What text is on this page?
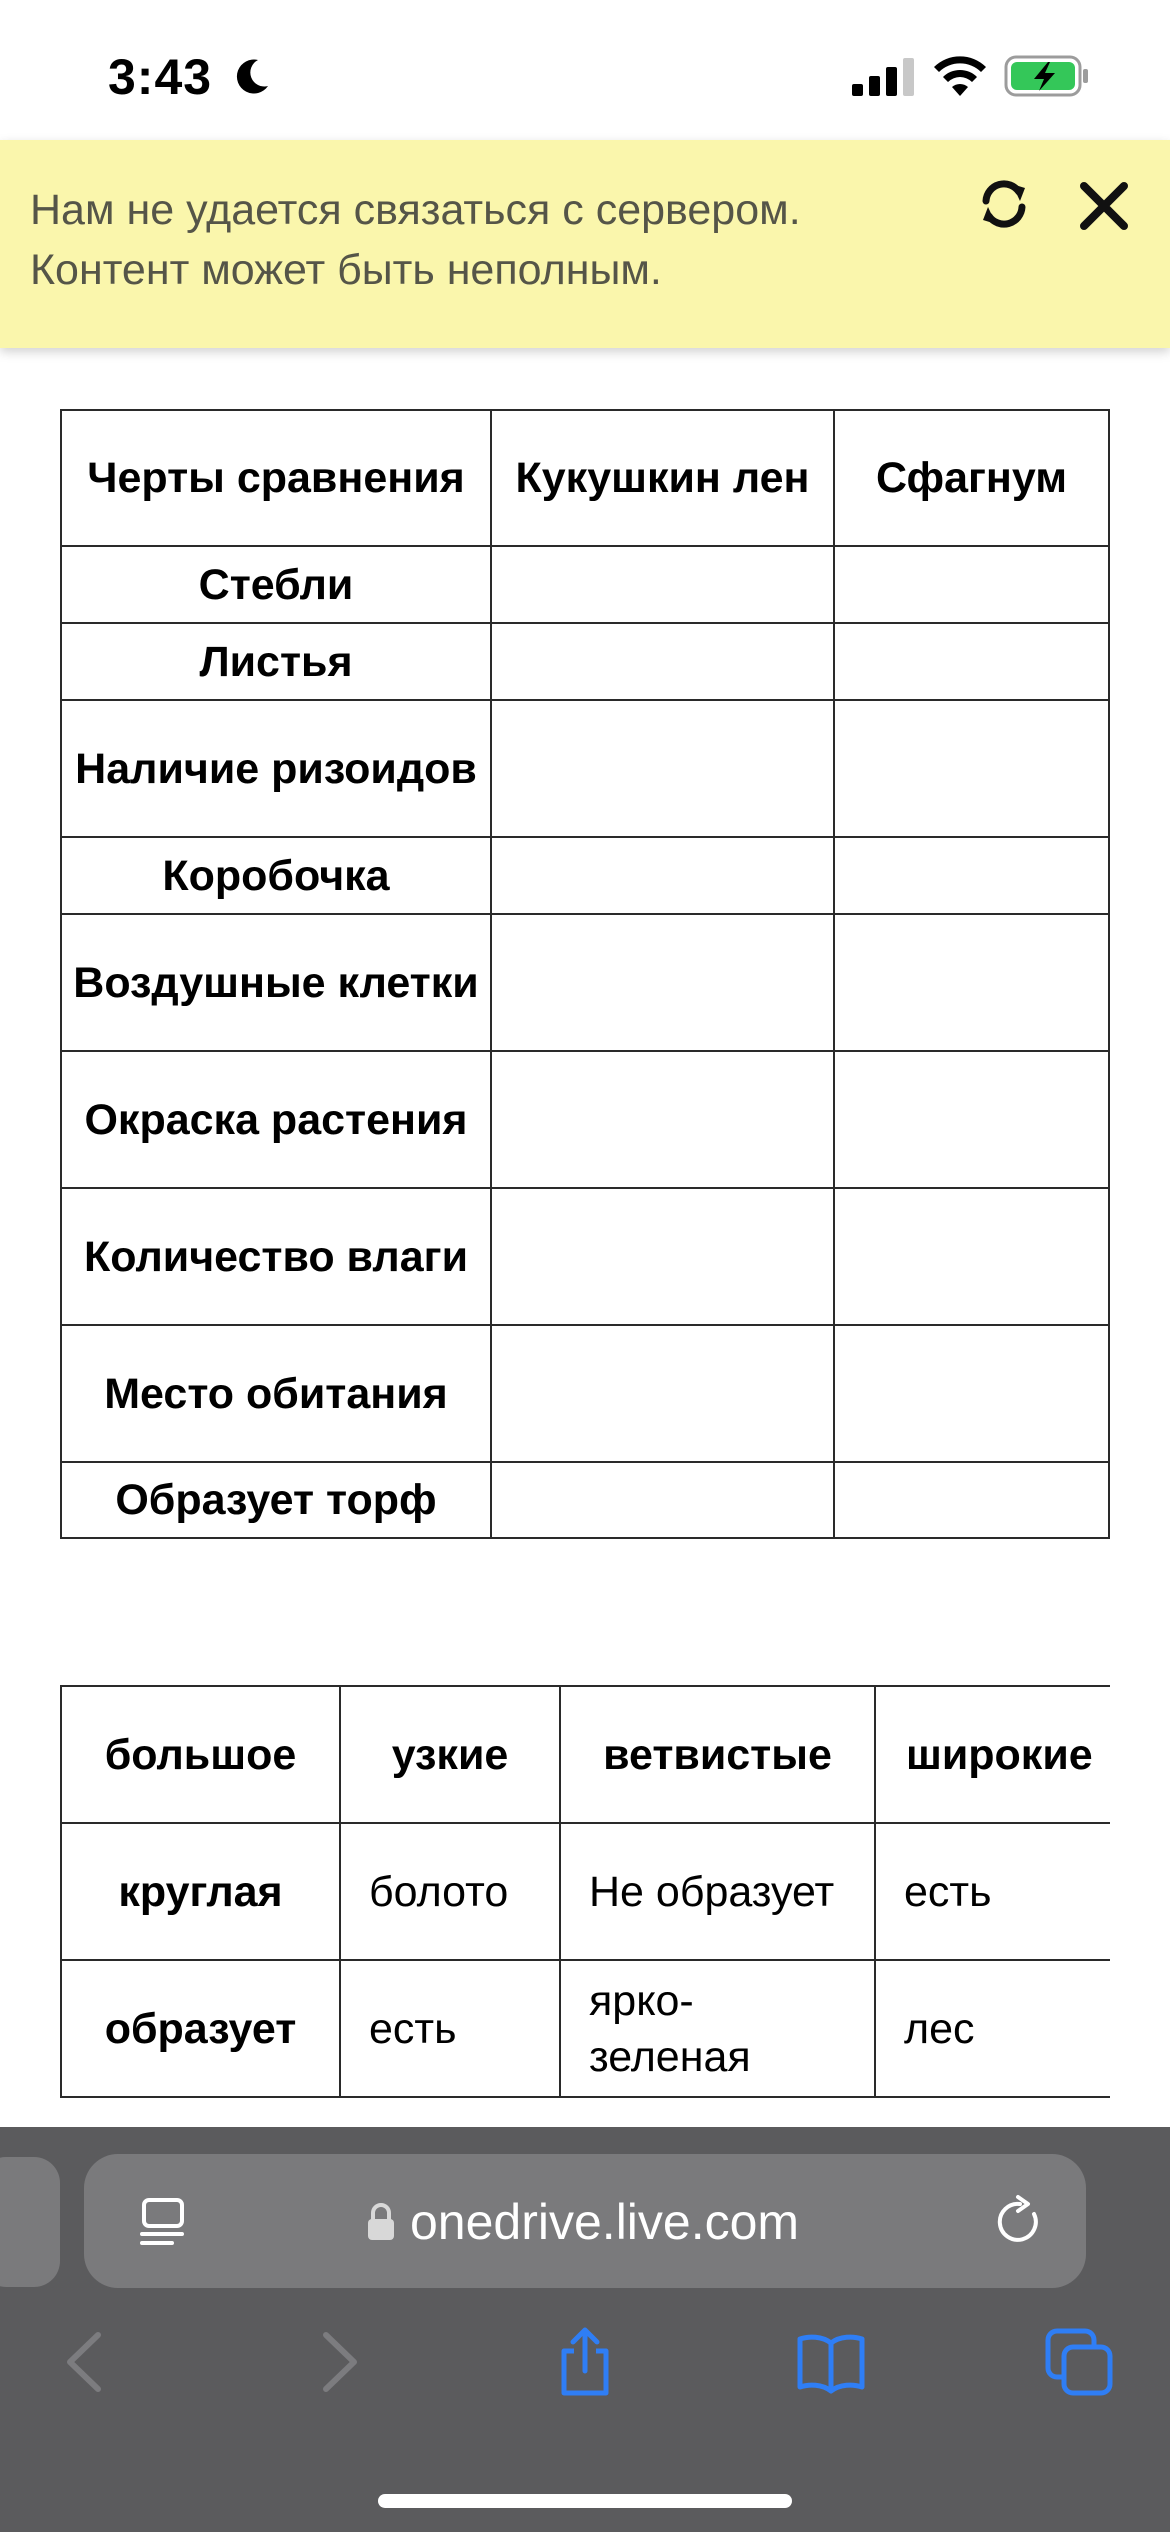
3:43
Нам не удается связаться с сервером.
Контент может быть неполным.
Черты сравнения	Кукушкин лен	Сфагнум
Стебли		
Листья		
Наличие ризоидов		
Коробочка		
Воздушные клетки		
Окраска растения		
Количество влаги		
Место обитания		
Образует торф		
большое	узкие	ветвистые	широкие
круглая	болото	Не образует	есть
образует	есть	ярко-зеленая	лес
onedrive.live.com
